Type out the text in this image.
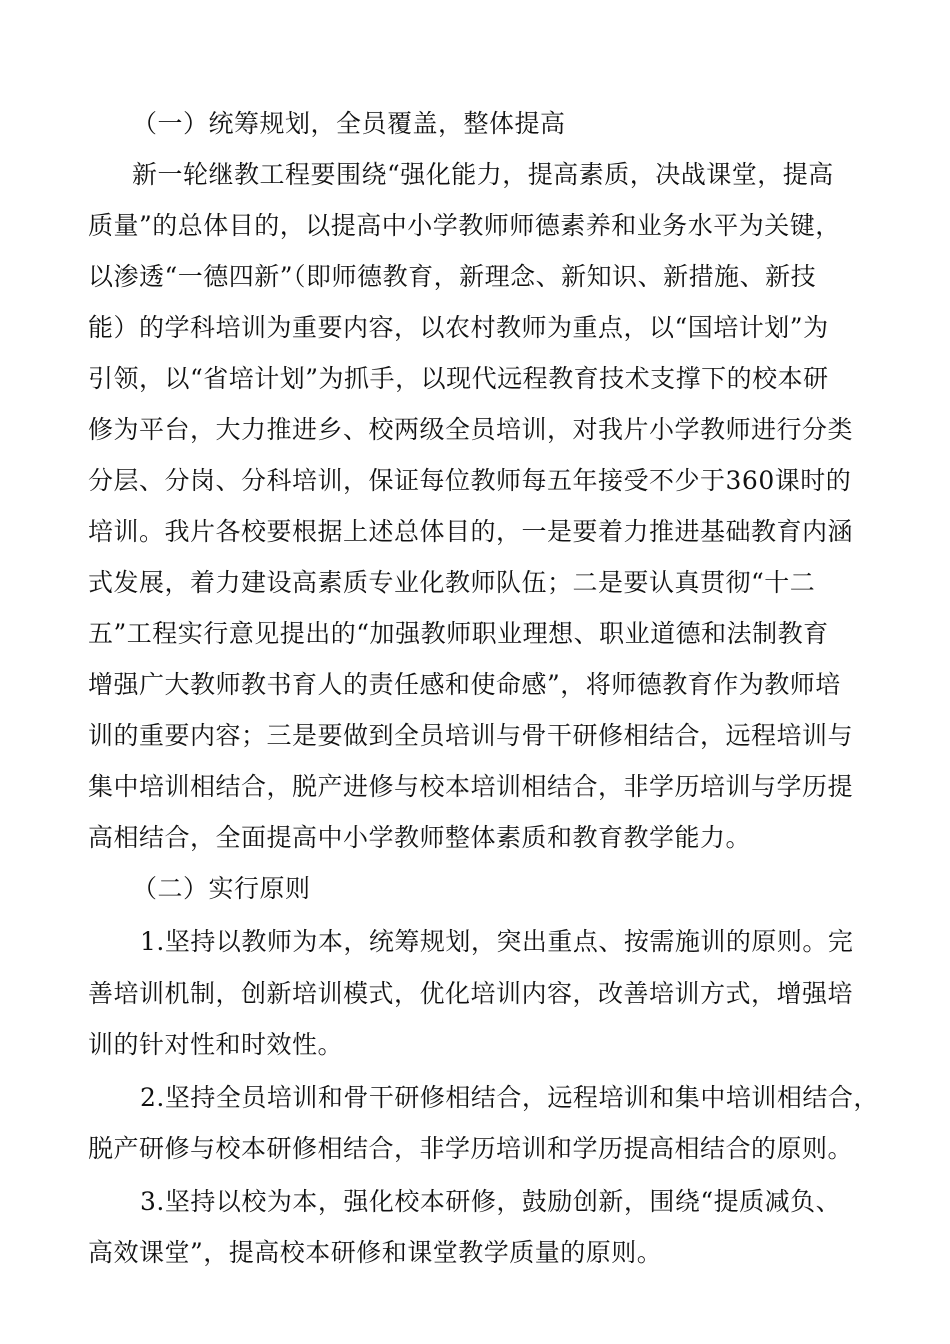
（一）统筹规划，全员覆盖，整体提高
新一轮继教工程要围绕“强化能力，提高素质，决战课堂，提高
质量”的总体目的，以提高中小学教师师德素养和业务水平为关键，
以渗透“一德四新”（即师德教育，新理念、新知识、新措施、新技
能）的学科培训为重要内容，以农村教师为重点，以“国培计划”为
引领，以“省培计划”为抓手，以现代远程教育技术支撑下的校本研
修为平台，大力推进乡、校两级全员培训，对我片小学教师进行分类
分层、分岗、分科培训，保证每位教师每五年接受不少于360课时的
培训。我片各校要根据上述总体目的，一是要着力推进基础教育内涵
式发展，着力建设高素质专业化教师队伍；二是要认真贯彻“十二
五”工程实行意见提出的“加强教师职业理想、职业道德和法制教育
增强广大教师教书育人的责任感和使命感”，将师德教育作为教师培
训的重要内容；三是要做到全员培训与骨干研修相结合，远程培训与
集中培训相结合，脱产进修与校本培训相结合，非学历培训与学历提
高相结合，全面提高中小学教师整体素质和教育教学能力。
（二）实行原则
1.坚持以教师为本，统筹规划，突出重点、按需施训的原则。完
善培训机制，创新培训模式，优化培训内容，改善培训方式，增强培
训的针对性和时效性。
2.坚持全员培训和骨干研修相结合，远程培训和集中培训相结合，
脱产研修与校本研修相结合，非学历培训和学历提高相结合的原则。
3.坚持以校为本，强化校本研修，鼓励创新，围绕“提质减负、
高效课堂”，提高校本研修和课堂教学质量的原则。
